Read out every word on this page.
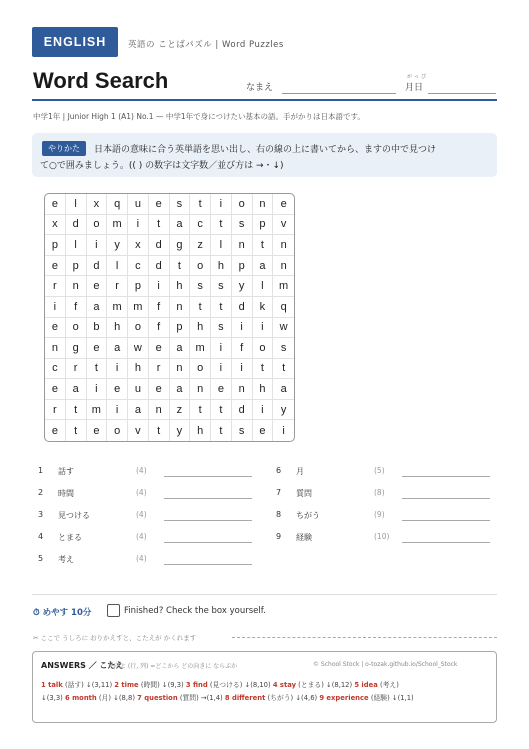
ENGLISH	英語の ことばパズル | Word Puzzles
Word Search	なまえ
がっぴ
月日
中学1年 | Junior High 1 (A1) No.1 — 中学1年で身につけたい基本の語。手がかりは日本語です。
やりかた	日本語の意味に合う英単語を思い出し、右の線の上に書いてから、ますの中で見つけ
て○で囲みましょう。(( ) の数字は文字数／並び方は →・↓)
e	l	x	q	u	e	s	t	i	o	n	e
x	d	o	m	i	t	a	c	t	s	p	v
p	l	i	y	x	d	g	z	l	n	t	n
e	p	d	l	c	d	t	o	h	p	a	n
r	n	e	r	p	i	h	s	s	y	l	m
i	f	a	m	m	f	n	t	t	d	k	q
e	o	b	h	o	f	p	h	s	i	i	w
n	g	e	a	w	e	a	m	i	f	o	s
c	r	t	i	h	r	n	o	i	i	t	t
e	a	i	e	u	e	a	n	e	n	h	a
r	t	m	i	a	n	z	t	t	d	i	y
e	t	e	o	v	t	y	h	t	s	e	i
1 話す	(4)
2 時間	(4)
3 見つける	(4)
4 とまる	(4)
5 考え	(4)
6 月	(5)
7 質問	(8)
8 ちがう	(9)
9 経験	(10)
⏱ めやす 10分	Finished? Check the box yourself.
✂ ここで うしろに おりかえすと、こたえが かくれます
ANSWERS ／ こたえ
矢印と (行, 列) =どこから どの向きに ならぶか	© School Stock | o-tozak.github.io/School_Stock
1 talk (話す) ↓(3,11) 2 time (時間) ↓(9,3) 3 find (見つける) ↓(8,10) 4 stay (とまる) ↓(8,12) 5 idea (考え)
↓(3,3) 6 month (月) ↓(8,8) 7 question (質問) →(1,4) 8 different (ちがう) ↓(4,6) 9 experience (経験) ↓(1,1)
